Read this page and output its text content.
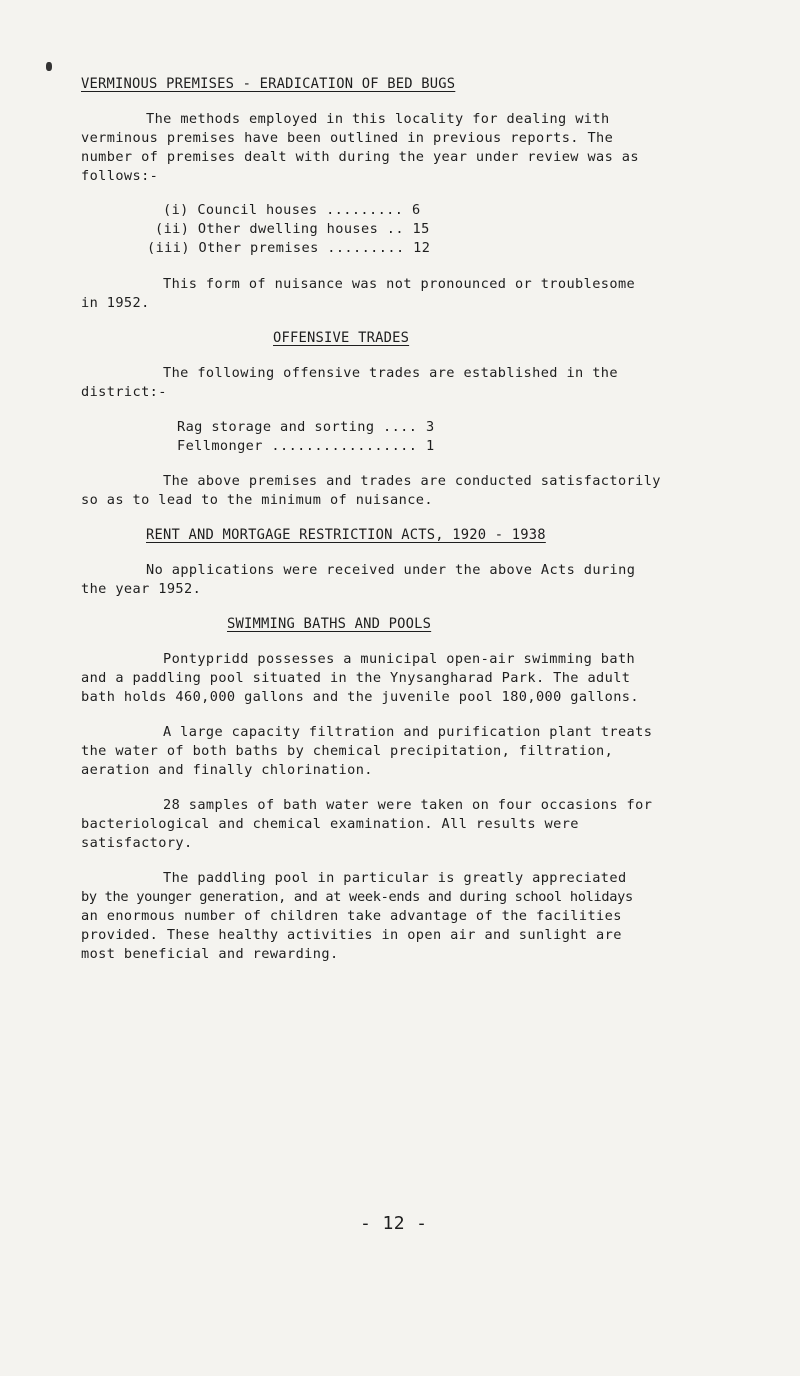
VERMINOUS PREMISES - ERADICATION OF BED BUGS
The methods employed in this locality for dealing with
verminous premises have been outlined in previous reports. The
number of premises dealt with during the year under review was as
follows:-
(i) Council houses ......... 6
(ii) Other dwelling houses .. 15
(iii) Other premises ......... 12
This form of nuisance was not pronounced or troublesome
in 1952.
OFFENSIVE TRADES
The following offensive trades are established in the
district:-
Rag storage and sorting .... 3
Fellmonger ................. 1
The above premises and trades are conducted satisfactorily
so as to lead to the minimum of nuisance.
RENT AND MORTGAGE RESTRICTION ACTS, 1920 - 1938
No applications were received under the above Acts during
the year 1952.
SWIMMING BATHS AND POOLS
Pontypridd possesses a municipal open-air swimming bath
and a paddling pool situated in the Ynysangharad Park. The adult
bath holds 460,000 gallons and the juvenile pool 180,000 gallons.
A large capacity filtration and purification plant treats
the water of both baths by chemical precipitation, filtration,
aeration and finally chlorination.
28 samples of bath water were taken on four occasions for
bacteriological and chemical examination. All results were
satisfactory.
The paddling pool in particular is greatly appreciated
by the younger generation, and at week-ends and during school holidays
an enormous number of children take advantage of the facilities
provided. These healthy activities in open air and sunlight are
most beneficial and rewarding.
- 12 -
